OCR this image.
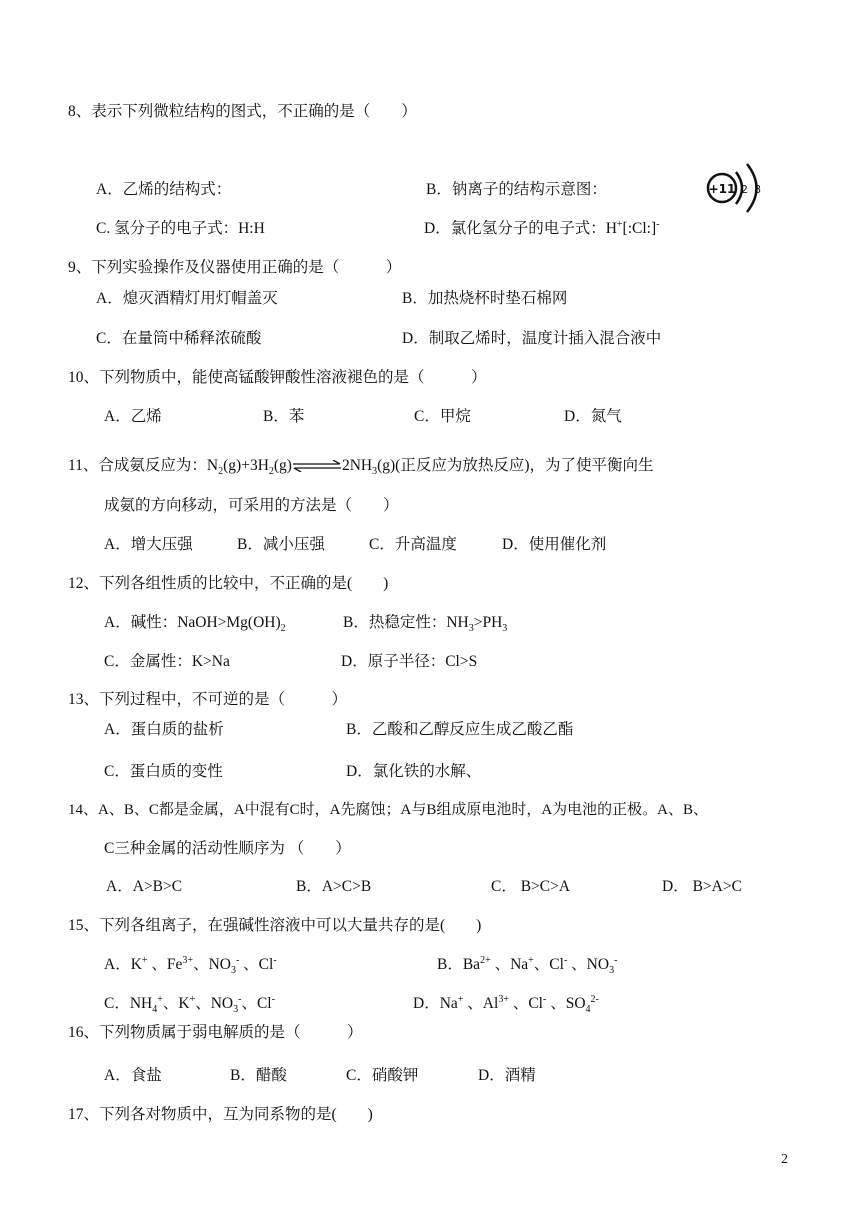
8、表示下列微粒结构的图式，不正确的是（　　）
A．乙烯的结构式：	B．钠离子的结构示意图：	+11 2 8
C. 氢分子的电子式：H:H	D．氯化氢分子的电子式：H+[:Cl:]-
9、下列实验操作及仪器使用正确的是（　　　）
A．熄灭酒精灯用灯帽盖灭	B．加热烧杯时垫石棉网
C．在量筒中稀释浓硫酸	D．制取乙烯时，温度计插入混合液中
10、下列物质中，能使高锰酸钾酸性溶液褪色的是（　　　）
A．乙烯	B．苯	C．甲烷	D．氮气
11、合成氨反应为：$N_2(g)+3H_2(g)\rightleftharpoons 2NH_3(g)$(正反应为放热反应)，为了使平衡向生
成氨的方向移动，可采用的方法是（　　）
A．增大压强	B．减小压强	C．升高温度	D．使用催化剂
12、下列各组性质的比较中，不正确的是(　　)
A．碱性：$NaOH>Mg(OH)_2$	B．热稳定性：$NH_3>PH_3$
C．金属性：K>Na	D．原子半径：Cl>S
13、下列过程中，不可逆的是（　　　）
A．蛋白质的盐析	B．乙酸和乙醇反应生成乙酸乙酯
C．蛋白质的变性	D．氯化铁的水解、
14、A、B、C都是金属，A中混有C时，A先腐蚀；A与B组成原电池时，A为电池的正极。A、B、
C三种金属的活动性顺序为 （　　）
A．A>B>C	B．A>C>B	C． B>C>A	D． B>A>C
15、下列各组离子，在强碱性溶液中可以大量共存的是(　　)
A．K+ 、$Fe^{3+}$、$NO_3^-$ 、Cl-	B．$Ba^{2+}$ 、Na+、Cl- 、$NO_3^-$
C．$NH_4^+$、K+、$NO_3^-$、Cl-	D．Na+ 、$Al^{3+}$ 、Cl- 、$SO_4^{2-}$
16、下列物质属于弱电解质的是（　　　）
A．食盐	B．醋酸	C．硝酸钾	D．酒精
17、下列各对物质中，互为同系物的是(　　)
2
